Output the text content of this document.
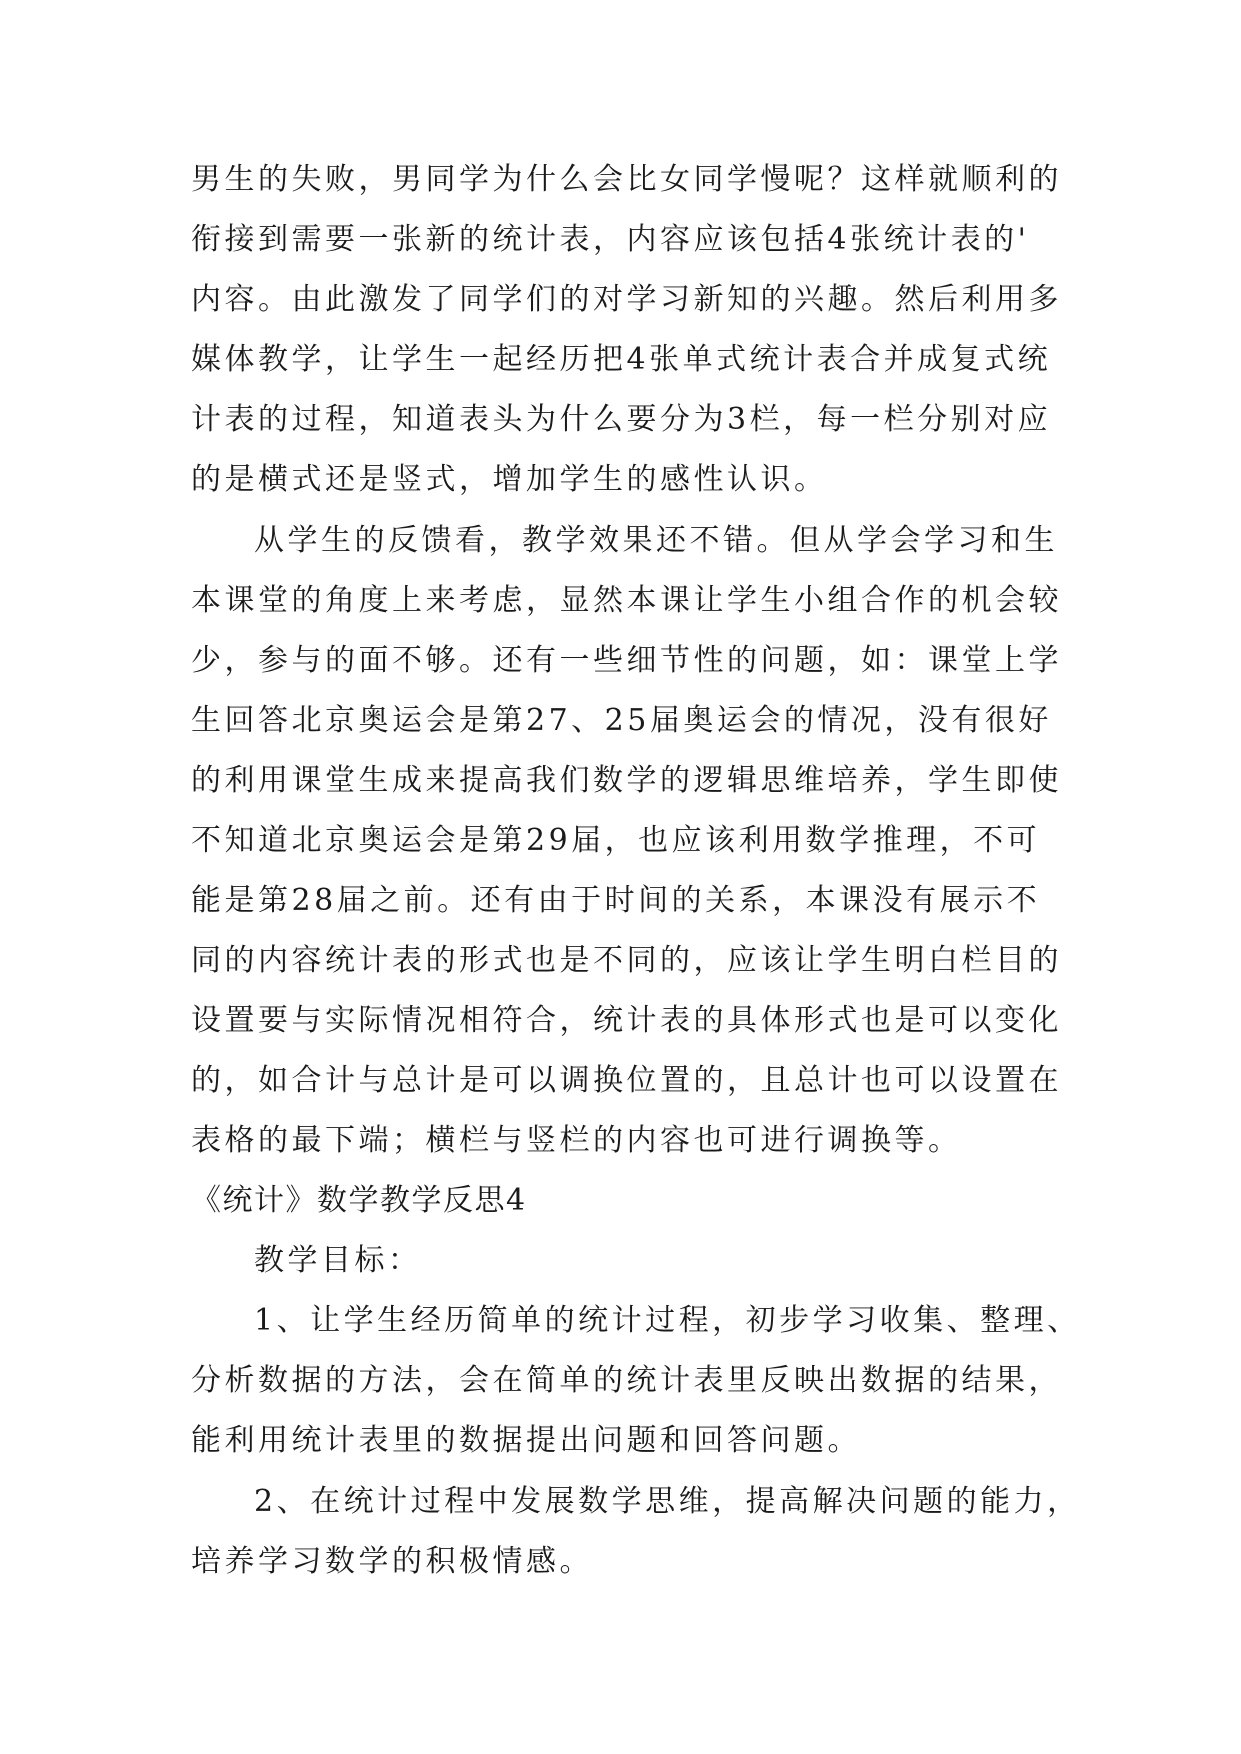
男生的失败，男同学为什么会比女同学慢呢？这样就顺利的
衔接到需要一张新的统计表，内容应该包括4张统计表的'
内容。由此激发了同学们的对学习新知的兴趣。然后利用多
媒体教学，让学生一起经历把4张单式统计表合并成复式统
计表的过程，知道表头为什么要分为3栏，每一栏分别对应
的是横式还是竖式，增加学生的感性认识。
从学生的反馈看，教学效果还不错。但从学会学习和生
本课堂的角度上来考虑，显然本课让学生小组合作的机会较
少，参与的面不够。还有一些细节性的问题，如：课堂上学
生回答北京奥运会是第27、25届奥运会的情况，没有很好
的利用课堂生成来提高我们数学的逻辑思维培养，学生即使
不知道北京奥运会是第29届，也应该利用数学推理，不可
能是第28届之前。还有由于时间的关系，本课没有展示不
同的内容统计表的形式也是不同的，应该让学生明白栏目的
设置要与实际情况相符合，统计表的具体形式也是可以变化
的，如合计与总计是可以调换位置的，且总计也可以设置在
表格的最下端；横栏与竖栏的内容也可进行调换等。
《统计》数学教学反思4
教学目标：
1、让学生经历简单的统计过程，初步学习收集、整理、
分析数据的方法，会在简单的统计表里反映出数据的结果，
能利用统计表里的数据提出问题和回答问题。
2、在统计过程中发展数学思维，提高解决问题的能力，
培养学习数学的积极情感。
